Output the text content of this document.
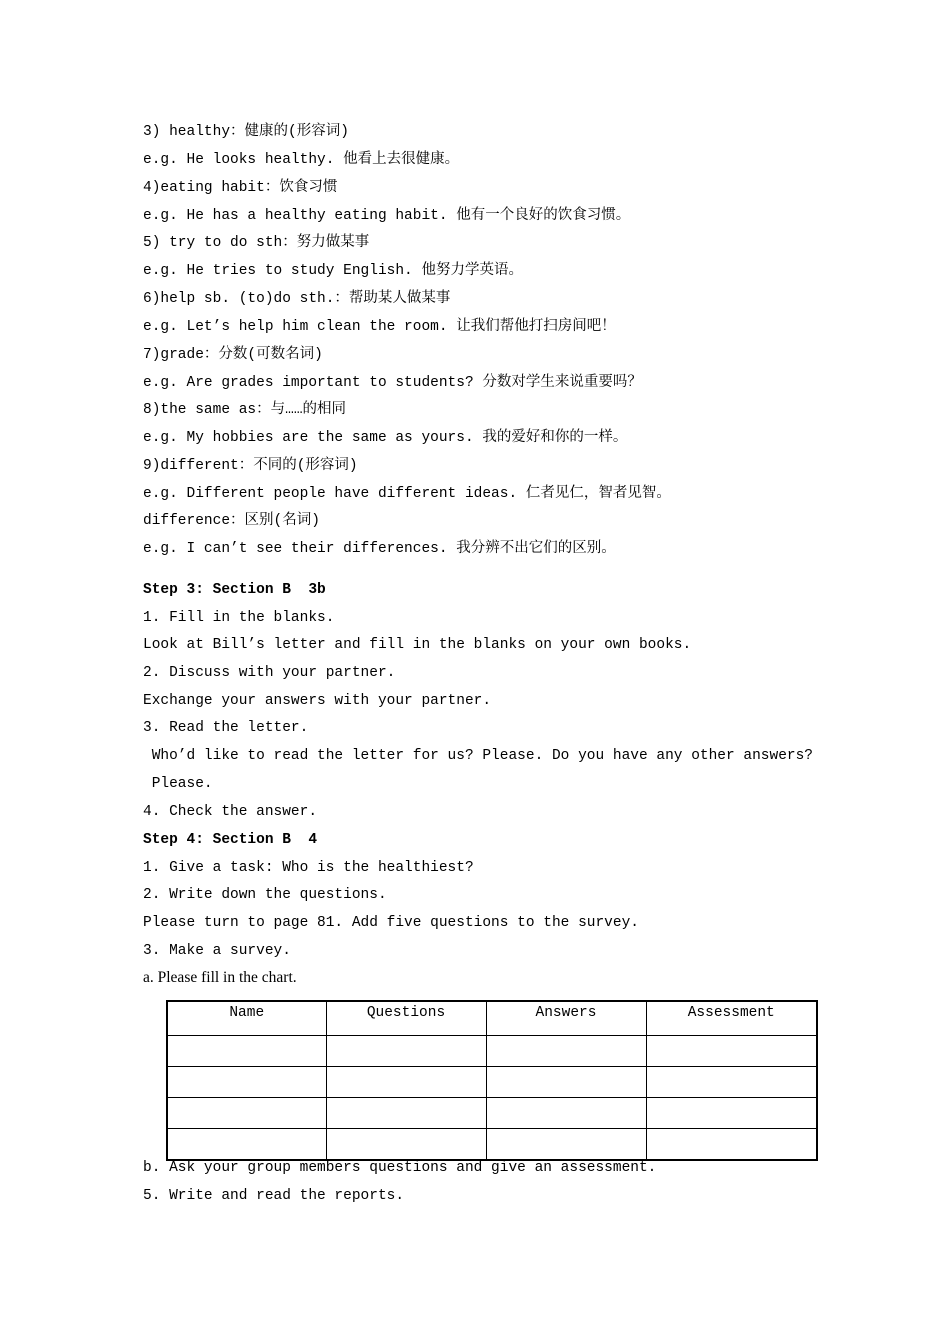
3) healthy：健康的(形容词)
e.g. He looks healthy. 他看上去很健康。
4)eating habit：饮食习惯
e.g. He has a healthy eating habit. 他有一个良好的饮食习惯。
5) try to do sth：努力做某事
e.g. He tries to study English. 他努力学英语。
6)help sb. (to)do sth.：帮助某人做某事
e.g. Let’s help him clean the room. 让我们帮他打扫房间吧！
7)grade：分数(可数名词)
e.g. Are grades important to students? 分数对学生来说重要吗？
8)the same as：与……的相同
e.g. My hobbies are the same as yours. 我的爱好和你的一样。
9)different：不同的(形容词)
e.g. Different people have different ideas. 仁者见仁，智者见智。
difference：区别(名词)
e.g. I can’t see their differences. 我分辨不出它们的区别。
Step 3: Section B  3b
1. Fill in the blanks.
Look at Bill’s letter and fill in the blanks on your own books.
2. Discuss with your partner.
Exchange your answers with your partner.
3. Read the letter.
Who’d like to read the letter for us? Please. Do you have any other answers?
Please.
4. Check the answer.
Step 4: Section B  4
1. Give a task: Who is the healthiest?
2. Write down the questions.
Please turn to page 81. Add five questions to the survey.
3. Make a survey.
a. Please fill in the chart.
Name	Questions	Answers	Assessment

b. Ask your group members questions and give an assessment.
5. Write and read the reports.
